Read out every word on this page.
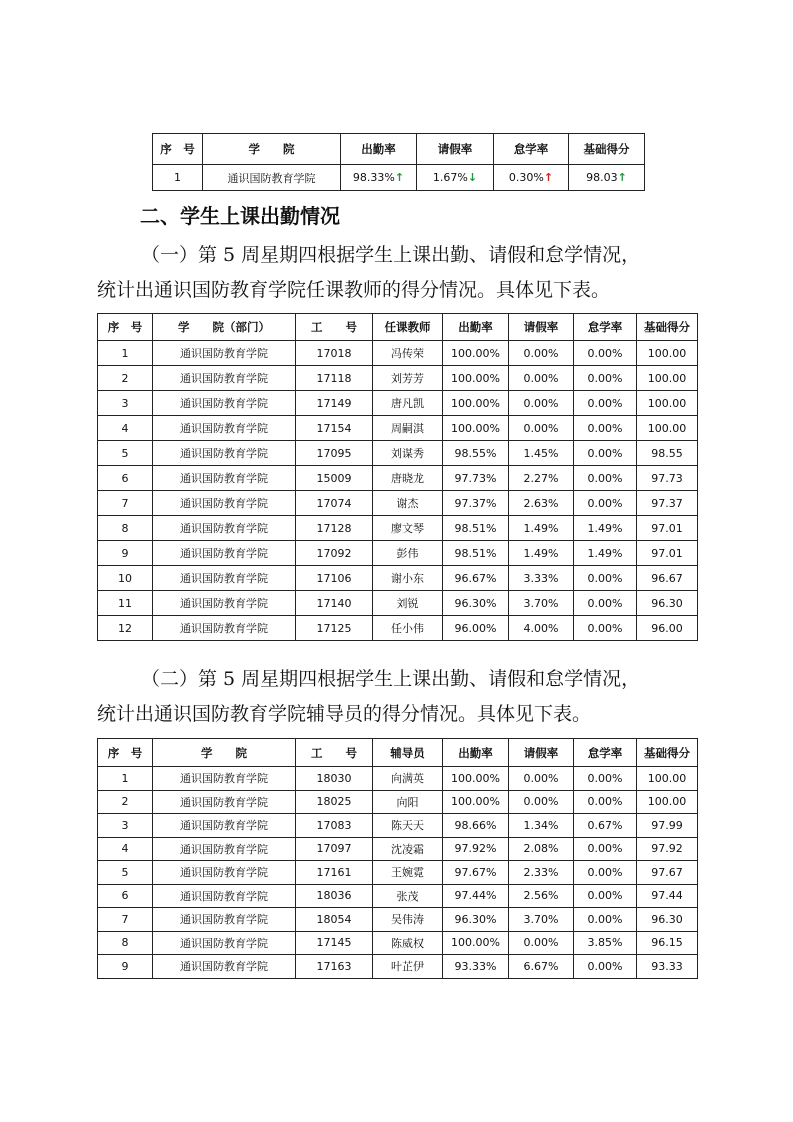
序　号	学　　院	出勤率	请假率	怠学率	基础得分
1	通识国防教育学院	98.33%↑	1.67%↓	0.30%↑	98.03↑
二、学生上课出勤情况
（一）第 5 周星期四根据学生上课出勤、请假和怠学情况，
统计出通识国防教育学院任课教师的得分情况。具体见下表。
序　号	学　　院（部门）	工　　号	任课教师	出勤率	请假率	怠学率	基础得分
1	通识国防教育学院	17018	冯传荣	100.00%	0.00%	0.00%	100.00
2	通识国防教育学院	17118	刘芳芳	100.00%	0.00%	0.00%	100.00
3	通识国防教育学院	17149	唐凡凯	100.00%	0.00%	0.00%	100.00
4	通识国防教育学院	17154	周嗣淇	100.00%	0.00%	0.00%	100.00
5	通识国防教育学院	17095	刘谋秀	98.55%	1.45%	0.00%	98.55
6	通识国防教育学院	15009	唐晓龙	97.73%	2.27%	0.00%	97.73
7	通识国防教育学院	17074	谢杰	97.37%	2.63%	0.00%	97.37
8	通识国防教育学院	17128	廖文琴	98.51%	1.49%	1.49%	97.01
9	通识国防教育学院	17092	彭伟	98.51%	1.49%	1.49%	97.01
10	通识国防教育学院	17106	谢小东	96.67%	3.33%	0.00%	96.67
11	通识国防教育学院	17140	刘锐	96.30%	3.70%	0.00%	96.30
12	通识国防教育学院	17125	任小伟	96.00%	4.00%	0.00%	96.00
（二）第 5 周星期四根据学生上课出勤、请假和怠学情况，
统计出通识国防教育学院辅导员的得分情况。具体见下表。
序　号	学　　院	工　　号	辅导员	出勤率	请假率	怠学率	基础得分
1	通识国防教育学院	18030	向满英	100.00%	0.00%	0.00%	100.00
2	通识国防教育学院	18025	向阳	100.00%	0.00%	0.00%	100.00
3	通识国防教育学院	17083	陈天天	98.66%	1.34%	0.67%	97.99
4	通识国防教育学院	17097	沈凌霜	97.92%	2.08%	0.00%	97.92
5	通识国防教育学院	17161	王婉霓	97.67%	2.33%	0.00%	97.67
6	通识国防教育学院	18036	张茂	97.44%	2.56%	0.00%	97.44
7	通识国防教育学院	18054	吴伟涛	96.30%	3.70%	0.00%	96.30
8	通识国防教育学院	17145	陈威权	100.00%	0.00%	3.85%	96.15
9	通识国防教育学院	17163	叶芷伊	93.33%	6.67%	0.00%	93.33
